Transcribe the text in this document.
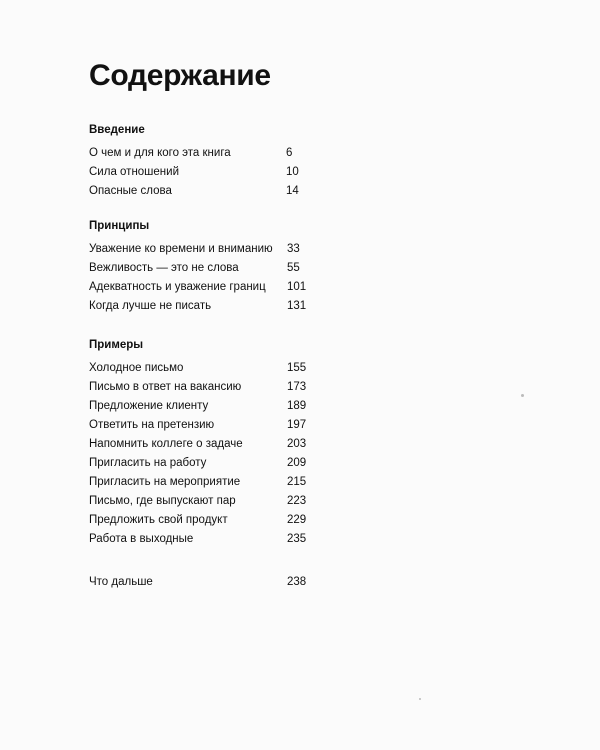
Содержание
Введение
О чем и для кого эта книга	6
Сила отношений	10
Опасные слова	14
Принципы
Уважение ко времени и вниманию 33
Вежливость — это не слова	55
Адекватность и уважение границ 101
Когда лучше не писать	131
Примеры
Холодное письмо	155
Письмо в ответ на вакансию	173
Предложение клиенту	189
Ответить на претензию	197
Напомнить коллеге о задаче	203
Пригласить на работу	209
Пригласить на мероприятие	215
Письмо, где выпускают пар	223
Предложить свой продукт	229
Работа в выходные	235
Что дальше	238
